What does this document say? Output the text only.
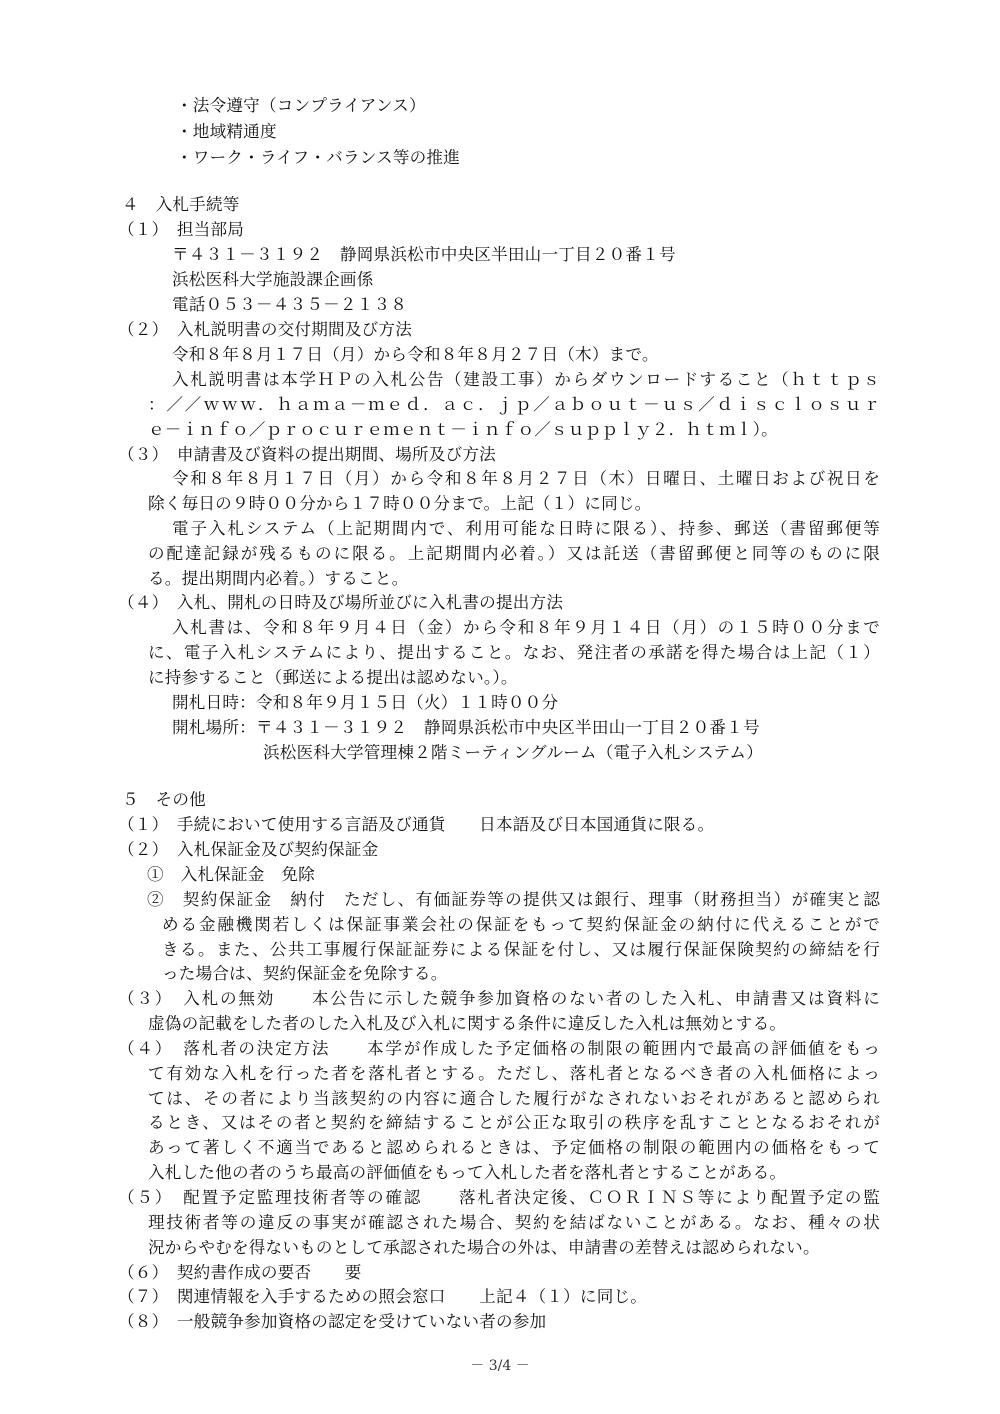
・法令遵守（コンプライアンス）
・地域精通度
・ワーク・ライフ・バランス等の推進
４　入札手続等
（１）　担当部局
〒４３１－３１９２　静岡県浜松市中央区半田山一丁目２０番１号
浜松医科大学施設課企画係
電話０５３－４３５－２１３８
（２）　入札説明書の交付期間及び方法
令和８年８月１７日（月）から令和８年８月２７日（木）まで。
入札説明書は本学ＨＰの入札公告（建設工事）からダウンロードすること（ｈｔｔｐｓ
：／／ｗｗｗ．ｈａｍａ－ｍｅｄ．ａｃ．ｊｐ／ａｂｏｕｔ－ｕｓ／ｄｉｓｃｌｏｓｕｒ
ｅ－ｉｎｆｏ／ｐｒｏｃｕｒｅｍｅｎｔ－ｉｎｆｏ／ｓｕｐｐｌｙ２．ｈｔｍｌ）。
（３）　申請書及び資料の提出期間、場所及び方法
令和８年８月１７日（月）から令和８年８月２７日（木）日曜日、土曜日および祝日を
除く毎日の９時００分から１７時００分まで。上記（１）に同じ。
電子入札システム（上記期間内で、利用可能な日時に限る）、持参、郵送（書留郵便等
の配達記録が残るものに限る。上記期間内必着。）又は託送（書留郵便と同等のものに限
る。提出期間内必着。）すること。
（４）　入札、開札の日時及び場所並びに入札書の提出方法
入札書は、令和８年９月４日（金）から令和８年９月１４日（月）の１５時００分まで
に、電子入札システムにより、提出すること。なお、発注者の承諾を得た場合は上記（１）
に持参すること（郵送による提出は認めない。）。
開札日時：令和８年９月１５日（火）１１時００分
開札場所：〒４３１－３１９２　静岡県浜松市中央区半田山一丁目２０番１号
浜松医科大学管理棟２階ミーティングルーム（電子入札システム）
５　その他
（１）　手続において使用する言語及び通貨　　日本語及び日本国通貨に限る。
（２）　入札保証金及び契約保証金
①　入札保証金　免除
②　契約保証金　納付　ただし、有価証券等の提供又は銀行、理事（財務担当）が確実と認
める金融機関若しくは保証事業会社の保証をもって契約保証金の納付に代えることがで
きる。また、公共工事履行保証証券による保証を付し、又は履行保証保険契約の締結を行
った場合は、契約保証金を免除する。
（３）　入札の無効　　本公告に示した競争参加資格のない者のした入札、申請書又は資料に
虚偽の記載をした者のした入札及び入札に関する条件に違反した入札は無効とする。
（４）　落札者の決定方法　　本学が作成した予定価格の制限の範囲内で最高の評価値をもっ
て有効な入札を行った者を落札者とする。ただし、落札者となるべき者の入札価格によっ
ては、その者により当該契約の内容に適合した履行がなされないおそれがあると認められ
るとき、又はその者と契約を締結することが公正な取引の秩序を乱すこととなるおそれが
あって著しく不適当であると認められるときは、予定価格の制限の範囲内の価格をもって
入札した他の者のうち最高の評価値をもって入札した者を落札者とすることがある。
（５）　配置予定監理技術者等の確認　　落札者決定後、ＣＯＲＩＮＳ等により配置予定の監
理技術者等の違反の事実が確認された場合、契約を結ばないことがある。なお、種々の状
況からやむを得ないものとして承認された場合の外は、申請書の差替えは認められない。
（６）　契約書作成の要否　　要
（７）　関連情報を入手するための照会窓口　　上記４（１）に同じ。
（８）　一般競争参加資格の認定を受けていない者の参加
－ 3/4 －
